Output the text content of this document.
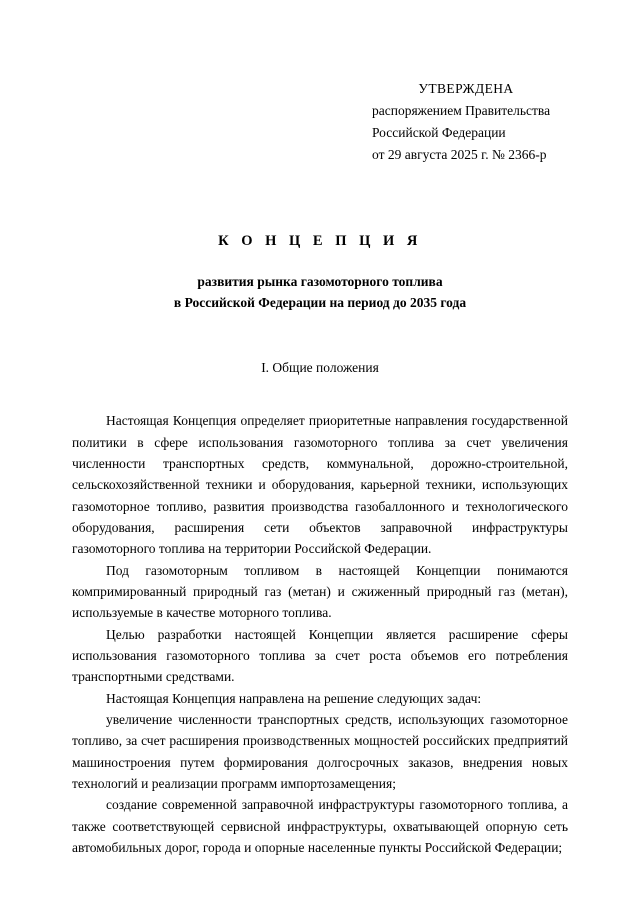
УТВЕРЖДЕНА
распоряжением Правительства
Российской Федерации
от 29 августа 2025 г. № 2366-р
К О Н Ц Е П Ц И Я
развития рынка газомоторного топлива
в Российской Федерации на период до 2035 года
I. Общие положения

Настоящая Концепция определяет приоритетные направления государственной политики в сфере использования газомоторного топлива за счет увеличения численности транспортных средств, коммунальной, дорожно-строительной, сельскохозяйственной техники и оборудования, карьерной техники, использующих газомоторное топливо, развития производства газобаллонного и технологического оборудования, расширения сети объектов заправочной инфраструктуры газомоторного топлива на территории Российской Федерации.

Под газомоторным топливом в настоящей Концепции понимаются компримированный природный газ (метан) и сжиженный природный газ (метан), используемые в качестве моторного топлива.

Целью разработки настоящей Концепции является расширение сферы использования газомоторного топлива за счет роста объемов его потребления транспортными средствами.

Настоящая Концепция направлена на решение следующих задач:

увеличение численности транспортных средств, использующих газомоторное топливо, за счет расширения производственных мощностей российских предприятий машиностроения путем формирования долгосрочных заказов, внедрения новых технологий и реализации программ импортозамещения;

создание современной заправочной инфраструктуры газомоторного топлива, а также соответствующей сервисной инфраструктуры, охватывающей опорную сеть автомобильных дорог, города и опорные населенные пункты Российской Федерации;
